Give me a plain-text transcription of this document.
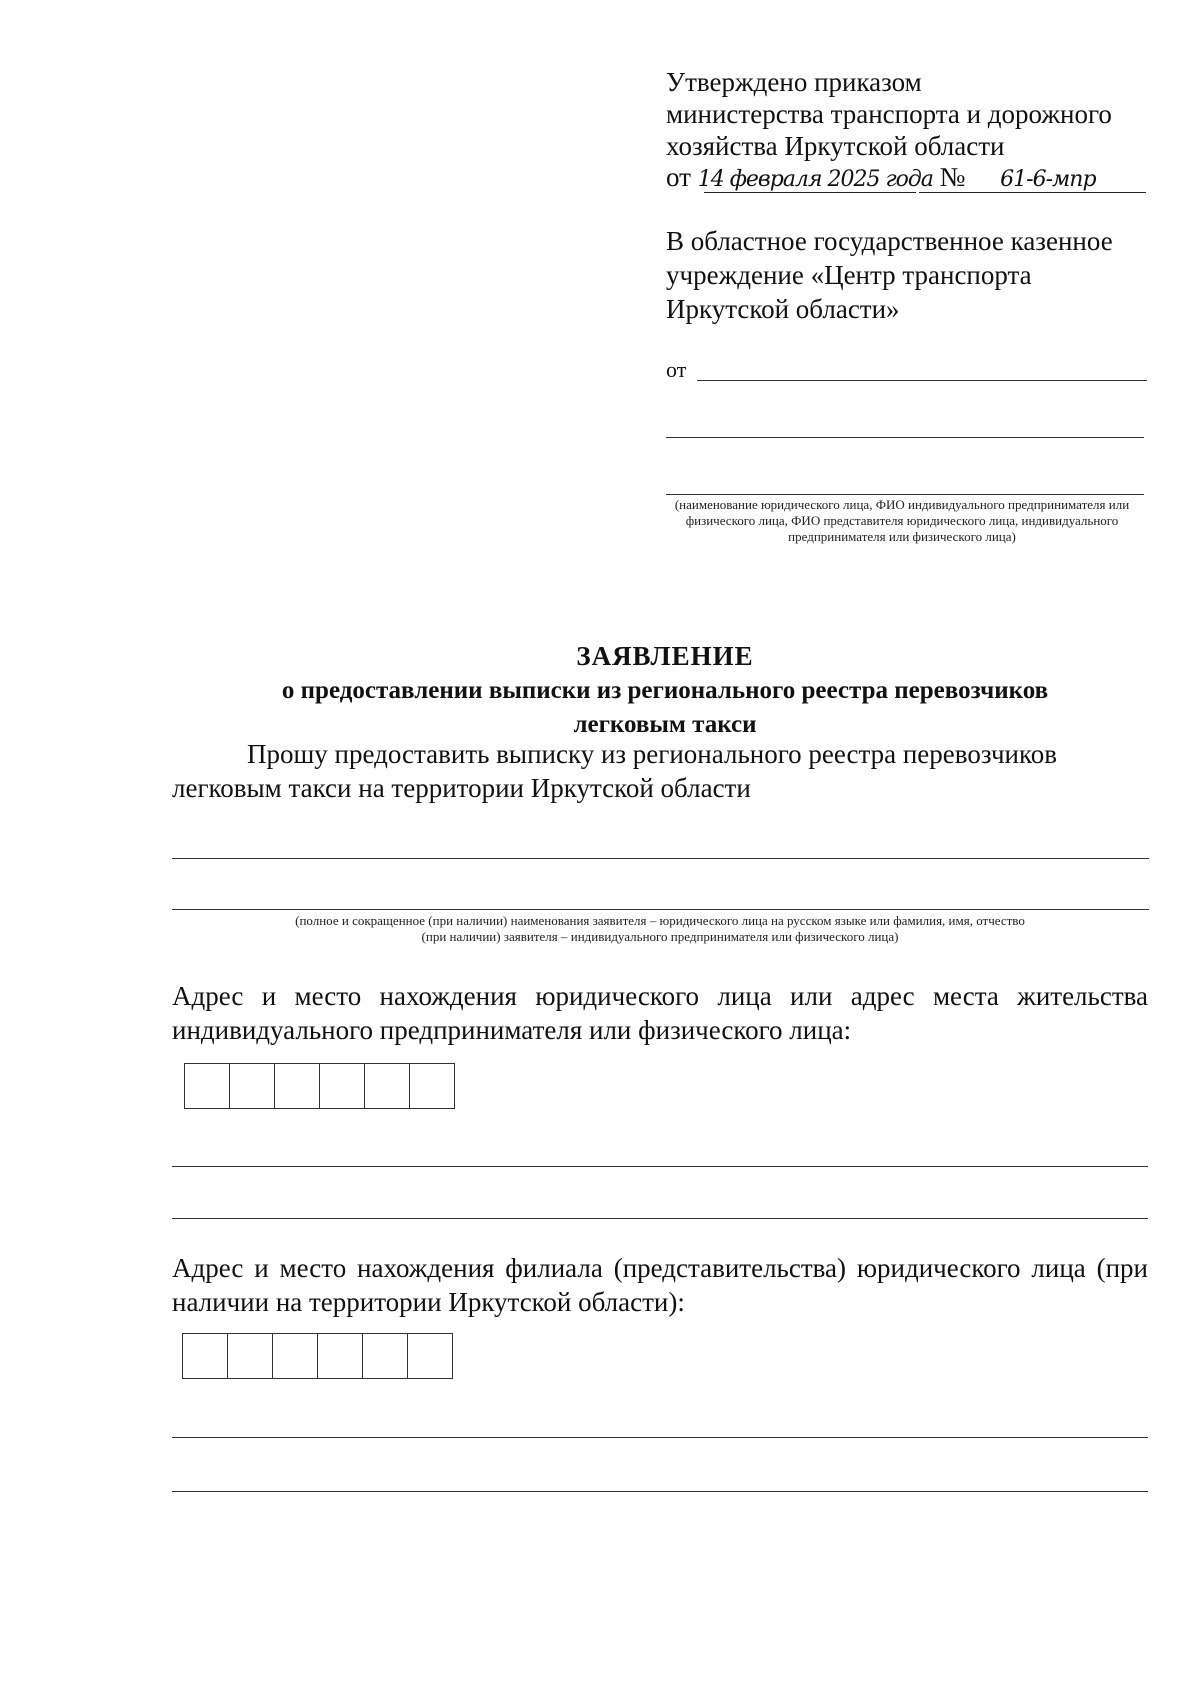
Утверждено приказом
министерства транспорта и дорожного
хозяйства Иркутской области
от 14 февраля 2025 года № 61-6-мпр
В областное государственное казенное
учреждение «Центр транспорта
Иркутской области»
от
(наименование юридического лица, ФИО индивидуального предпринимателя или физического лица, ФИО представителя юридического лица, индивидуального предпринимателя или физического лица)
ЗАЯВЛЕНИЕ
о предоставлении выписки из регионального реестра перевозчиков
легковым такси
Прошу предоставить выписку из регионального реестра перевозчиков
легковым такси на территории Иркутской области
(полное и сокращенное (при наличии) наименования заявителя – юридического лица на русском языке или фамилия, имя, отчество
(при наличии) заявителя – индивидуального предпринимателя или физического лица)
Адрес и место нахождения юридического лица или адрес места жительства индивидуального предпринимателя или физического лица:
Адрес и место нахождения филиала (представительства) юридического лица (при наличии на территории Иркутской области):
